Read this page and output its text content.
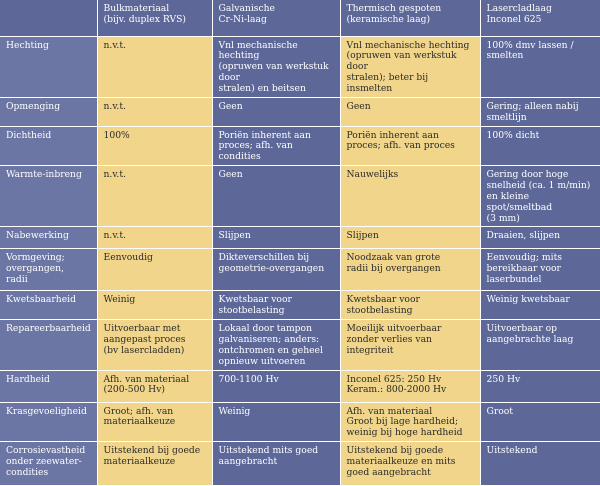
	Bulkmateriaal
(bijv. duplex RVS)	Galvanische
Cr-Ni-laag	Thermisch gespoten
(keramische laag)	Lasercladlaag
Inconel 625

Hechting	n.v.t.	Vnl mechanische hechting
(opruwen van werkstuk door
stralen) en beitsen	Vnl mechanische hechting
(opruwen van werkstuk door
stralen); beter bij insmelten	100% dmv lassen /
smelten

Opmenging	n.v.t.	Geen	Geen	Gering; alleen nabij
smeltlijn

Dichtheid	100%	Poriën inherent aan
proces; afh. van condities	Poriën inherent aan
proces; afh. van proces	100% dicht

Warmte-inbreng	n.v.t.	Geen	Nauwelijks	Gering door hoge
snelheid (ca. 1 m/min)
en kleine spot/smeltbad
(3 mm)

Nabewerking	n.v.t.	Slijpen	Slijpen	Draaien, slijpen

Vormgeving;
overgangen,
radii	Eenvoudig	Dikteverschillen bij
geometrie-overgangen	Noodzaak van grote
radii bij overgangen	Eenvoudig; mits
bereikbaar voor
laserbundel

Kwetsbaarheid	Weinig	Kwetsbaar voor
stootbelasting	Kwetsbaar voor
stootbelasting	Weinig kwetsbaar

Repareerbaarheid	Uitvoerbaar met
aangepast proces
(bv lasercladden)	Lokaal door tampon
galvaniseren; anders:
ontchromen en geheel
opnieuw uitvoeren	Moeilijk uitvoerbaar
zonder verlies van
integriteit	Uitvoerbaar op
aangebrachte laag

Hardheid	Afh. van materiaal
(200-500 Hv)	700-1100 Hv	Inconel 625: 250 Hv
Keram.: 800-2000 Hv	250 Hv

Krasgevoeligheid	Groot; afh. van
materiaalkeuze	Weinig	Afh. van materiaal
Groot bij lage hardheid;
weinig bij hoge hardheid	Groot

Corrosievastheid
onder zeewater-
condities	Uitstekend bij goede
materiaalkeuze	Uitstekend mits goed
aangebracht	Uitstekend bij goede
materiaalkeuze en mits
goed aangebracht	Uitstekend
